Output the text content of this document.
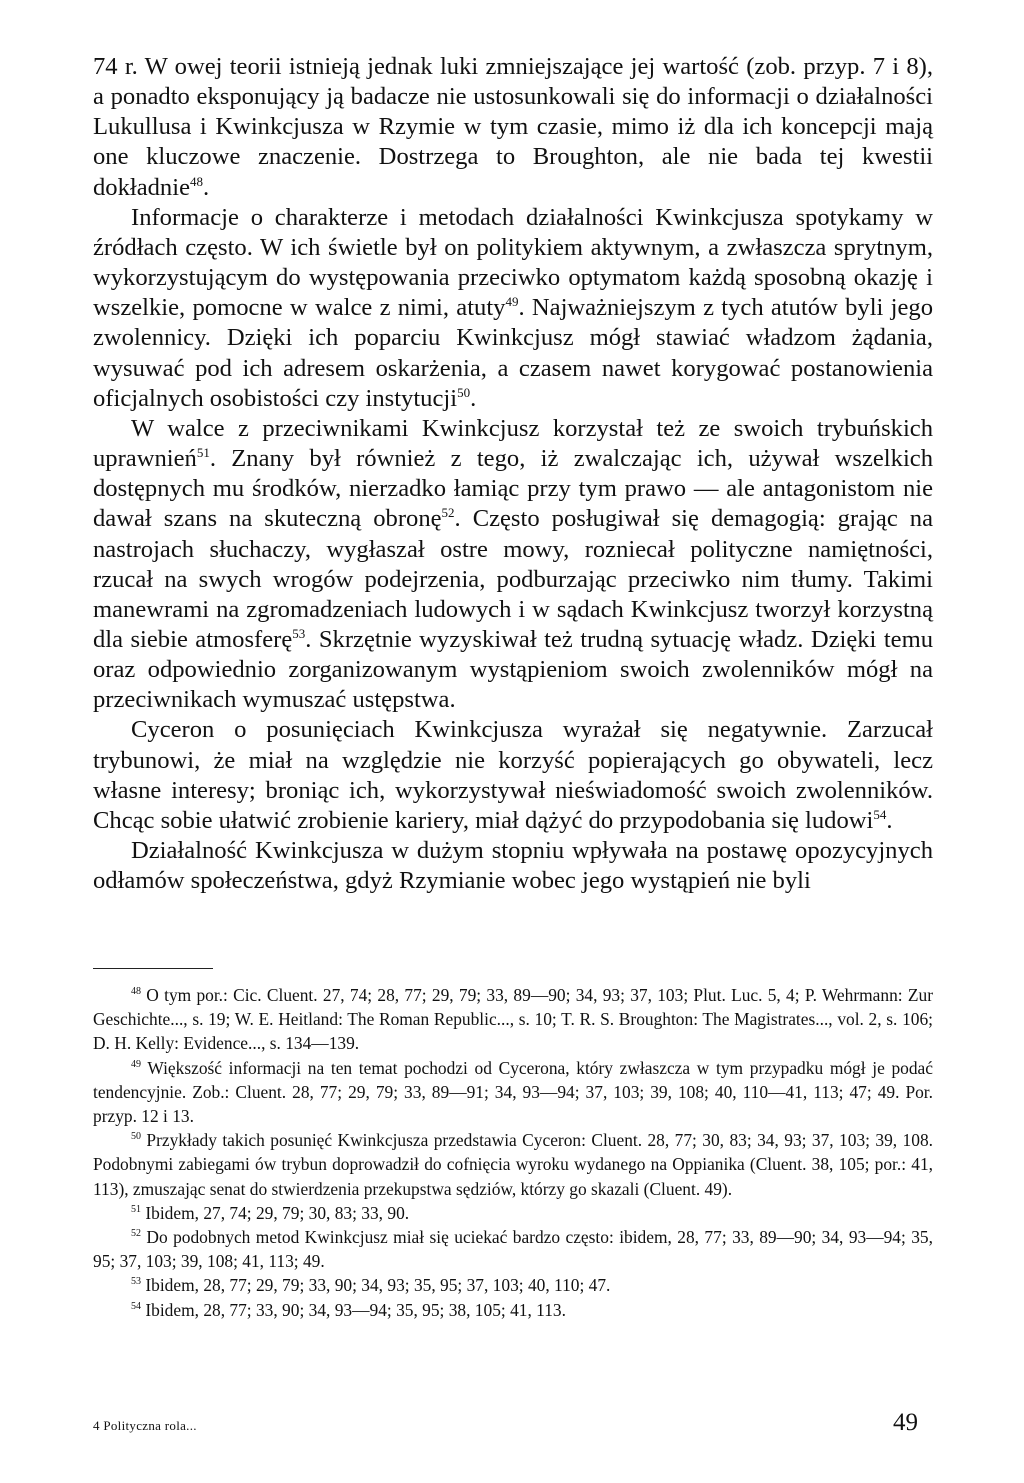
74 r. W owej teorii istnieją jednak luki zmniejszające jej wartość (zob. przyp. 7 i 8), a ponadto eksponujący ją badacze nie ustosunkowali się do informacji o działalności Lukullusa i Kwinkcjusza w Rzymie w tym czasie, mimo iż dla ich koncepcji mają one kluczowe znaczenie. Dostrzega to Broughton, ale nie bada tej kwestii dokładnie$^{48}$.

Informacje o charakterze i metodach działalności Kwinkcjusza spotykamy w źródłach często. W ich świetle był on politykiem aktywnym, a zwłaszcza sprytnym, wykorzystującym do występowania przeciwko optymatom każdą sposobną okazję i wszelkie, pomocne w walce z nimi, atuty$^{49}$. Najważniejszym z tych atutów byli jego zwolennicy. Dzięki ich poparciu Kwinkcjusz mógł stawiać władzom żądania, wysuwać pod ich adresem oskarżenia, a czasem nawet korygować postanowienia oficjalnych osobistości czy instytucji$^{50}$.

W walce z przeciwnikami Kwinkcjusz korzystał też ze swoich trybuńskich uprawnień$^{51}$. Znany był również z tego, iż zwalczając ich, używał wszelkich dostępnych mu środków, nierzadko łamiąc przy tym prawo — ale antagonistom nie dawał szans na skuteczną obronę$^{52}$. Często posługiwał się demagogią: grając na nastrojach słuchaczy, wygłaszał ostre mowy, rozniecał polityczne namiętności, rzucał na swych wrogów podejrzenia, podburzając przeciwko nim tłumy. Takimi manewrami na zgromadzeniach ludowych i w sądach Kwinkcjusz tworzył korzystną dla siebie atmosferę$^{53}$. Skrzętnie wyzyskiwał też trudną sytuację władz. Dzięki temu oraz odpowiednio zorganizowanym wystąpieniom swoich zwolenników mógł na przeciwnikach wymuszać ustępstwa.

Cyceron o posunięciach Kwinkcjusza wyrażał się negatywnie. Zarzucał trybunowi, że miał na względzie nie korzyść popierających go obywateli, lecz własne interesy; broniąc ich, wykorzystywał nieświadomość swoich zwolenników. Chcąc sobie ułatwić zrobienie kariery, miał dążyć do przypodobania się ludowi$^{54}$.

Działalność Kwinkcjusza w dużym stopniu wpływała na postawę opozycyjnych odłamów społeczeństwa, gdyż Rzymianie wobec jego wystąpień nie byli

$^{48}$ O tym por.: Cic. Cluent. 27, 74; 28, 77; 29, 79; 33, 89—90; 34, 93; 37, 103; Plut. Luc. 5, 4; P. Wehrmann: Zur Geschichte..., s. 19; W. E. Heitland: The Roman Republic..., s. 10; T. R. S. Broughton: The Magistrates..., vol. 2, s. 106; D. H. Kelly: Evidence..., s. 134—139.

$^{49}$ Większość informacji na ten temat pochodzi od Cycerona, który zwłaszcza w tym przypadku mógł je podać tendencyjnie. Zob.: Cluent. 28, 77; 29, 79; 33, 89—91; 34, 93—94; 37, 103; 39, 108; 40, 110—41, 113; 47; 49. Por. przyp. 12 i 13.

$^{50}$ Przykłady takich posunięć Kwinkcjusza przedstawia Cyceron: Cluent. 28, 77; 30, 83; 34, 93; 37, 103; 39, 108. Podobnymi zabiegami ów trybun doprowadził do cofnięcia wyroku wydanego na Oppianika (Cluent. 38, 105; por.: 41, 113), zmuszając senat do stwierdzenia przekupstwa sędziów, którzy go skazali (Cluent. 49).

$^{51}$ Ibidem, 27, 74; 29, 79; 30, 83; 33, 90.

$^{52}$ Do podobnych metod Kwinkcjusz miał się uciekać bardzo często: ibidem, 28, 77; 33, 89—90; 34, 93—94; 35, 95; 37, 103; 39, 108; 41, 113; 49.

$^{53}$ Ibidem, 28, 77; 29, 79; 33, 90; 34, 93; 35, 95; 37, 103; 40, 110; 47.

$^{54}$ Ibidem, 28, 77; 33, 90; 34, 93—94; 35, 95; 38, 105; 41, 113.

4 Polityczna rola...	49
